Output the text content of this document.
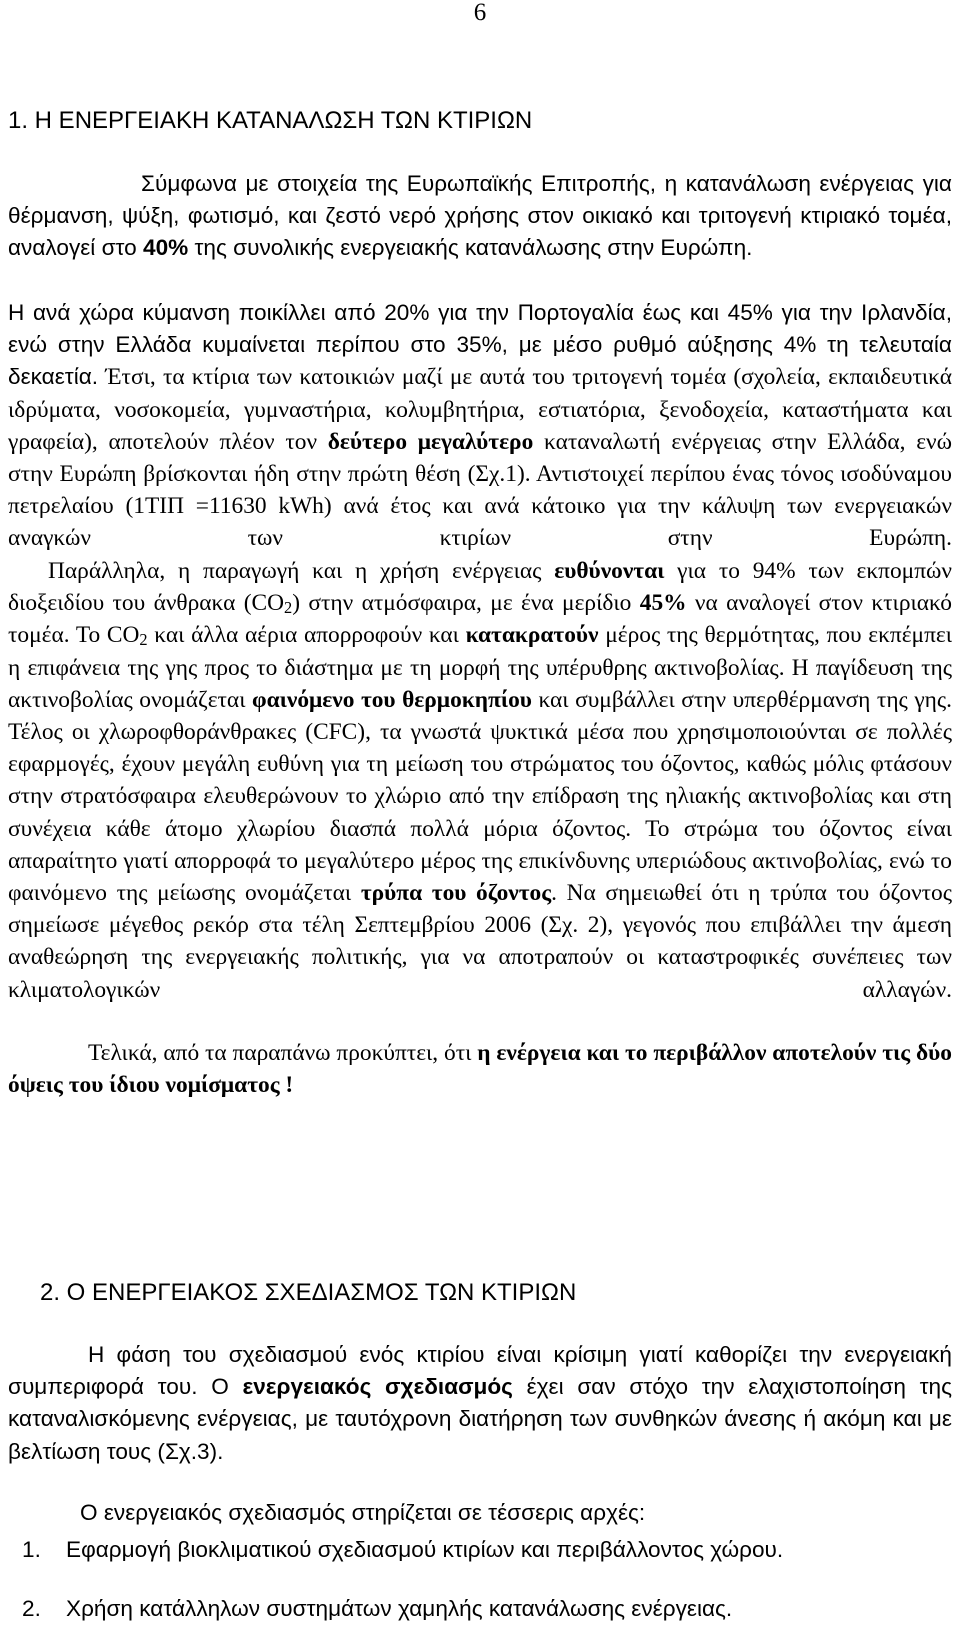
6
1. Η ΕΝΕΡΓΕΙΑΚΗ ΚΑΤΑΝΑΛΩΣΗ ΤΩΝ ΚΤΙΡΙΩΝ

Σύμφωνα με στοιχεία της Ευρωπαϊκής Επιτροπής, η κατανάλωση ενέργειας για θέρμανση, ψύξη, φωτισμό, και ζεστό νερό χρήσης στον οικιακό και τριτογενή κτιριακό τομέα, αναλογεί στο 40% της συνολικής ενεργειακής κατανάλωσης στην Ευρώπη.

Η ανά χώρα κύμανση ποικίλλει από 20% για την Πορτογαλία έως και 45% για την Ιρλανδία, ενώ στην Ελλάδα κυμαίνεται περίπου στο 35%, με μέσο ρυθμό αύξησης 4% τη τελευταία δεκαετία. Έτσι, τα κτίρια των κατοικιών μαζί με αυτά του τριτογενή τομέα (σχολεία, εκπαιδευτικά ιδρύματα, νοσοκομεία, γυμναστήρια, κολυμβητήρια, εστιατόρια, ξενοδοχεία, καταστήματα και γραφεία), αποτελούν πλέον τον δεύτερο μεγαλύτερο καταναλωτή ενέργειας στην Ελλάδα, ενώ στην Ευρώπη βρίσκονται ήδη στην πρώτη θέση (Σχ.1). Αντιστοιχεί περίπου ένας τόνος ισοδύναμου πετρελαίου (1ΤΙΠ =11630 kWh) ανά έτος και ανά κάτοικο για την κάλυψη των ενεργειακών αναγκών των κτιρίων στην Ευρώπη.

Παράλληλα, η παραγωγή και η χρήση ενέργειας ευθύνονται για το 94% των εκπομπών διοξειδίου του άνθρακα $(CO_2)$ στην ατμόσφαιρα, με ένα μερίδιο 45% να αναλογεί στον κτιριακό τομέα. Το $CO_2$ και άλλα αέρια απορροφούν και κατακρατούν μέρος της θερμότητας, που εκπέμπει η επιφάνεια της γης προς το διάστημα με τη μορφή της υπέρυθρης ακτινοβολίας. Η παγίδευση της ακτινοβολίας ονομάζεται φαινόμενο του θερμοκηπίου και συμβάλλει στην υπερθέρμανση της γης. Τέλος οι χλωροφθοράνθρακες (CFC), τα γνωστά ψυκτικά μέσα που χρησιμοποιούνται σε πολλές εφαρμογές, έχουν μεγάλη ευθύνη για τη μείωση του στρώματος του όζοντος, καθώς μόλις φτάσουν στην στρατόσφαιρα ελευθερώνουν το χλώριο από την επίδραση της ηλιακής ακτινοβολίας και στη συνέχεια κάθε άτομο χλωρίου διασπά πολλά μόρια όζοντος. Το στρώμα του όζοντος είναι απαραίτητο γιατί απορροφά το μεγαλύτερο μέρος της επικίνδυνης υπεριώδους ακτινοβολίας, ενώ το φαινόμενο της μείωσης ονομάζεται τρύπα του όζοντος. Να σημειωθεί ότι η τρύπα του όζοντος σημείωσε μέγεθος ρεκόρ στα τέλη Σεπτεμβρίου 2006 (Σχ. 2), γεγονός που επιβάλλει την άμεση αναθεώρηση της ενεργειακής πολιτικής, για να αποτραπούν οι καταστροφικές συνέπειες των κλιματολογικών αλλαγών.

Τελικά, από τα παραπάνω προκύπτει, ότι η ενέργεια και το περιβάλλον αποτελούν τις δύο όψεις του ίδιου νομίσματος !

2. Ο ΕΝΕΡΓΕΙΑΚΟΣ ΣΧΕΔΙΑΣΜΟΣ ΤΩΝ ΚΤΙΡΙΩΝ

Η φάση του σχεδιασμού ενός κτιρίου είναι κρίσιμη γιατί καθορίζει την ενεργειακή συμπεριφορά του. Ο ενεργειακός σχεδιασμός έχει σαν στόχο την ελαχιστοποίηση της καταναλισκόμενης ενέργειας, με ταυτόχρονη διατήρηση των συνθηκών άνεσης ή ακόμη και με βελτίωση τους (Σχ.3).

Ο ενεργειακός σχεδιασμός στηρίζεται σε τέσσερις αρχές:
1. Εφαρμογή βιοκλιματικού σχεδιασμού κτιρίων και περιβάλλοντος χώρου.
2. Χρήση κατάλληλων συστημάτων χαμηλής κατανάλωσης ενέργειας.
